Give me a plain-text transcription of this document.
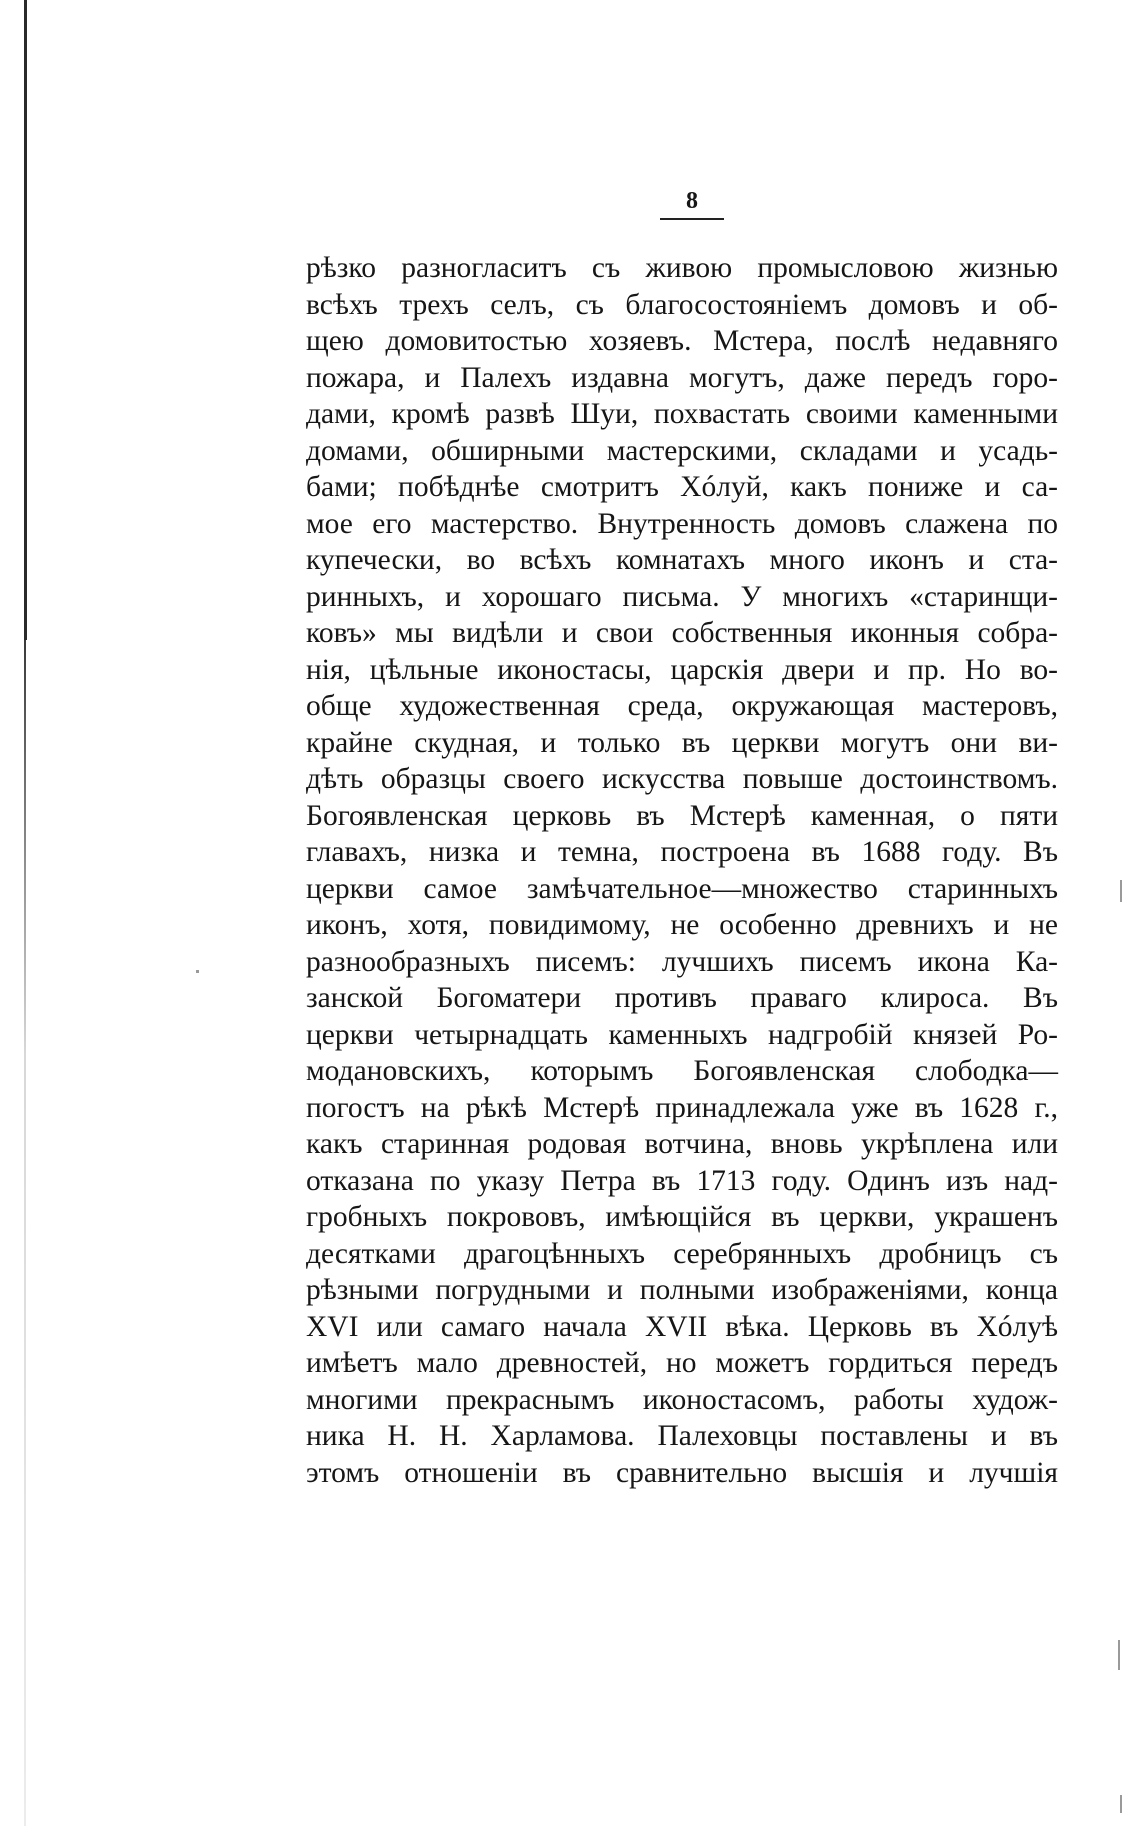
8
рѣзко разногласитъ съ живою промысловою жизнью
всѣхъ трехъ селъ, съ благосостояніемъ домовъ и об-
щею домовитостью хозяевъ. Мстера, послѣ недавняго
пожара, и Палехъ издавна могутъ, даже передъ горо-
дами, кромѣ развѣ Шуи, похвастать своими каменными
домами, обширными мастерскими, складами и усадь-
бами; побѣднѣе смотритъ Хóлуй, какъ пониже и са-
мое его мастерство. Внутренность домовъ слажена по
купечески, во всѣхъ комнатахъ много иконъ и ста-
ринныхъ, и хорошаго письма. У многихъ «старинщи-
ковъ» мы видѣли и свои собственныя иконныя собра-
нія, цѣльные иконостасы, царскія двери и пр. Но во-
обще художественная среда, окружающая мастеровъ,
крайне скудная, и только въ церкви могутъ они ви-
дѣть образцы своего искусства повыше достоинствомъ.
Богоявленская церковь въ Мстерѣ каменная, о пяти
главахъ, низка и темна, построена въ 1688 году. Въ
церкви самое замѣчательное—множество старинныхъ
иконъ, хотя, повидимому, не особенно древнихъ и не
разнообразныхъ писемъ: лучшихъ писемъ икона Ка-
занской Богоматери противъ праваго клироса. Въ
церкви четырнадцать каменныхъ надгробій князей Ро-
модановскихъ, которымъ Богоявленская слободка—
погостъ на рѣкѣ Мстерѣ принадлежала уже въ 1628 г.,
какъ старинная родовая вотчина, вновь укрѣплена или
отказана по указу Петра въ 1713 году. Одинъ изъ над-
гробныхъ покрововъ, имѣющійся въ церкви, украшенъ
десятками драгоцѣнныхъ серебрянныхъ дробницъ съ
рѣзными погрудными и полными изображеніями, конца
XVI или самаго начала XVII вѣка. Церковь въ Хóлуѣ
имѣетъ мало древностей, но можетъ гордиться передъ
многими прекраснымъ иконостасомъ, работы худож-
ника Н. Н. Харламова. Палеховцы поставлены и въ
этомъ отношеніи въ сравнительно высшія и лучшія
